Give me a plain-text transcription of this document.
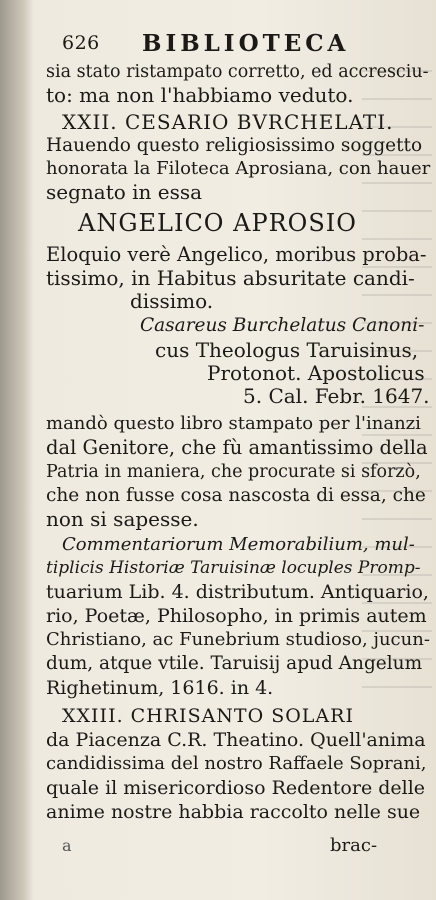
626 BIBLIOTECA
sia stato ristampato corretto, ed accresciu-
to: ma non l'habbiamo veduto.
XXII. CESARIO BVRCHELATI.
Hauendo questo religiosissimo soggetto
honorata la Filoteca Aprosiana, con hauer
segnato in essa
ANGELICO APROSIO
Eloquio verè Angelico, moribus proba-
tissimo, in Habitus absuritate candi-
dissimo.
Casareus Burchelatus Canoni-
cus Theologus Taruisinus,
Protonot. Apostolicus
5. Cal. Febr. 1647.
mandò questo libro stampato per l'inanzi
dal Genitore, che fù amantissimo della
Patria in maniera, che procurate si sforzò,
che non fusse cosa nascosta di essa, che
non si sapesse.
Commentariorum Memorabilium, mul-
tiplicis Historiæ Taruisinæ locuples Promp-
tuarium Lib. 4. distributum. Antiquario,
rio, Poetæ, Philosopho, in primis autem
Christiano, ac Funebrium studioso, jucun-
dum, atque vtile. Taruisij apud Angelum
Righetinum, 1616. in 4.
XXIII. CHRISANTO SOLARI
da Piacenza C.R. Theatino. Quell'anima
candidissima del nostro Raffaele Soprani,
quale il misericordioso Redentore delle
anime nostre habbia raccolto nelle sue
a	brac-
